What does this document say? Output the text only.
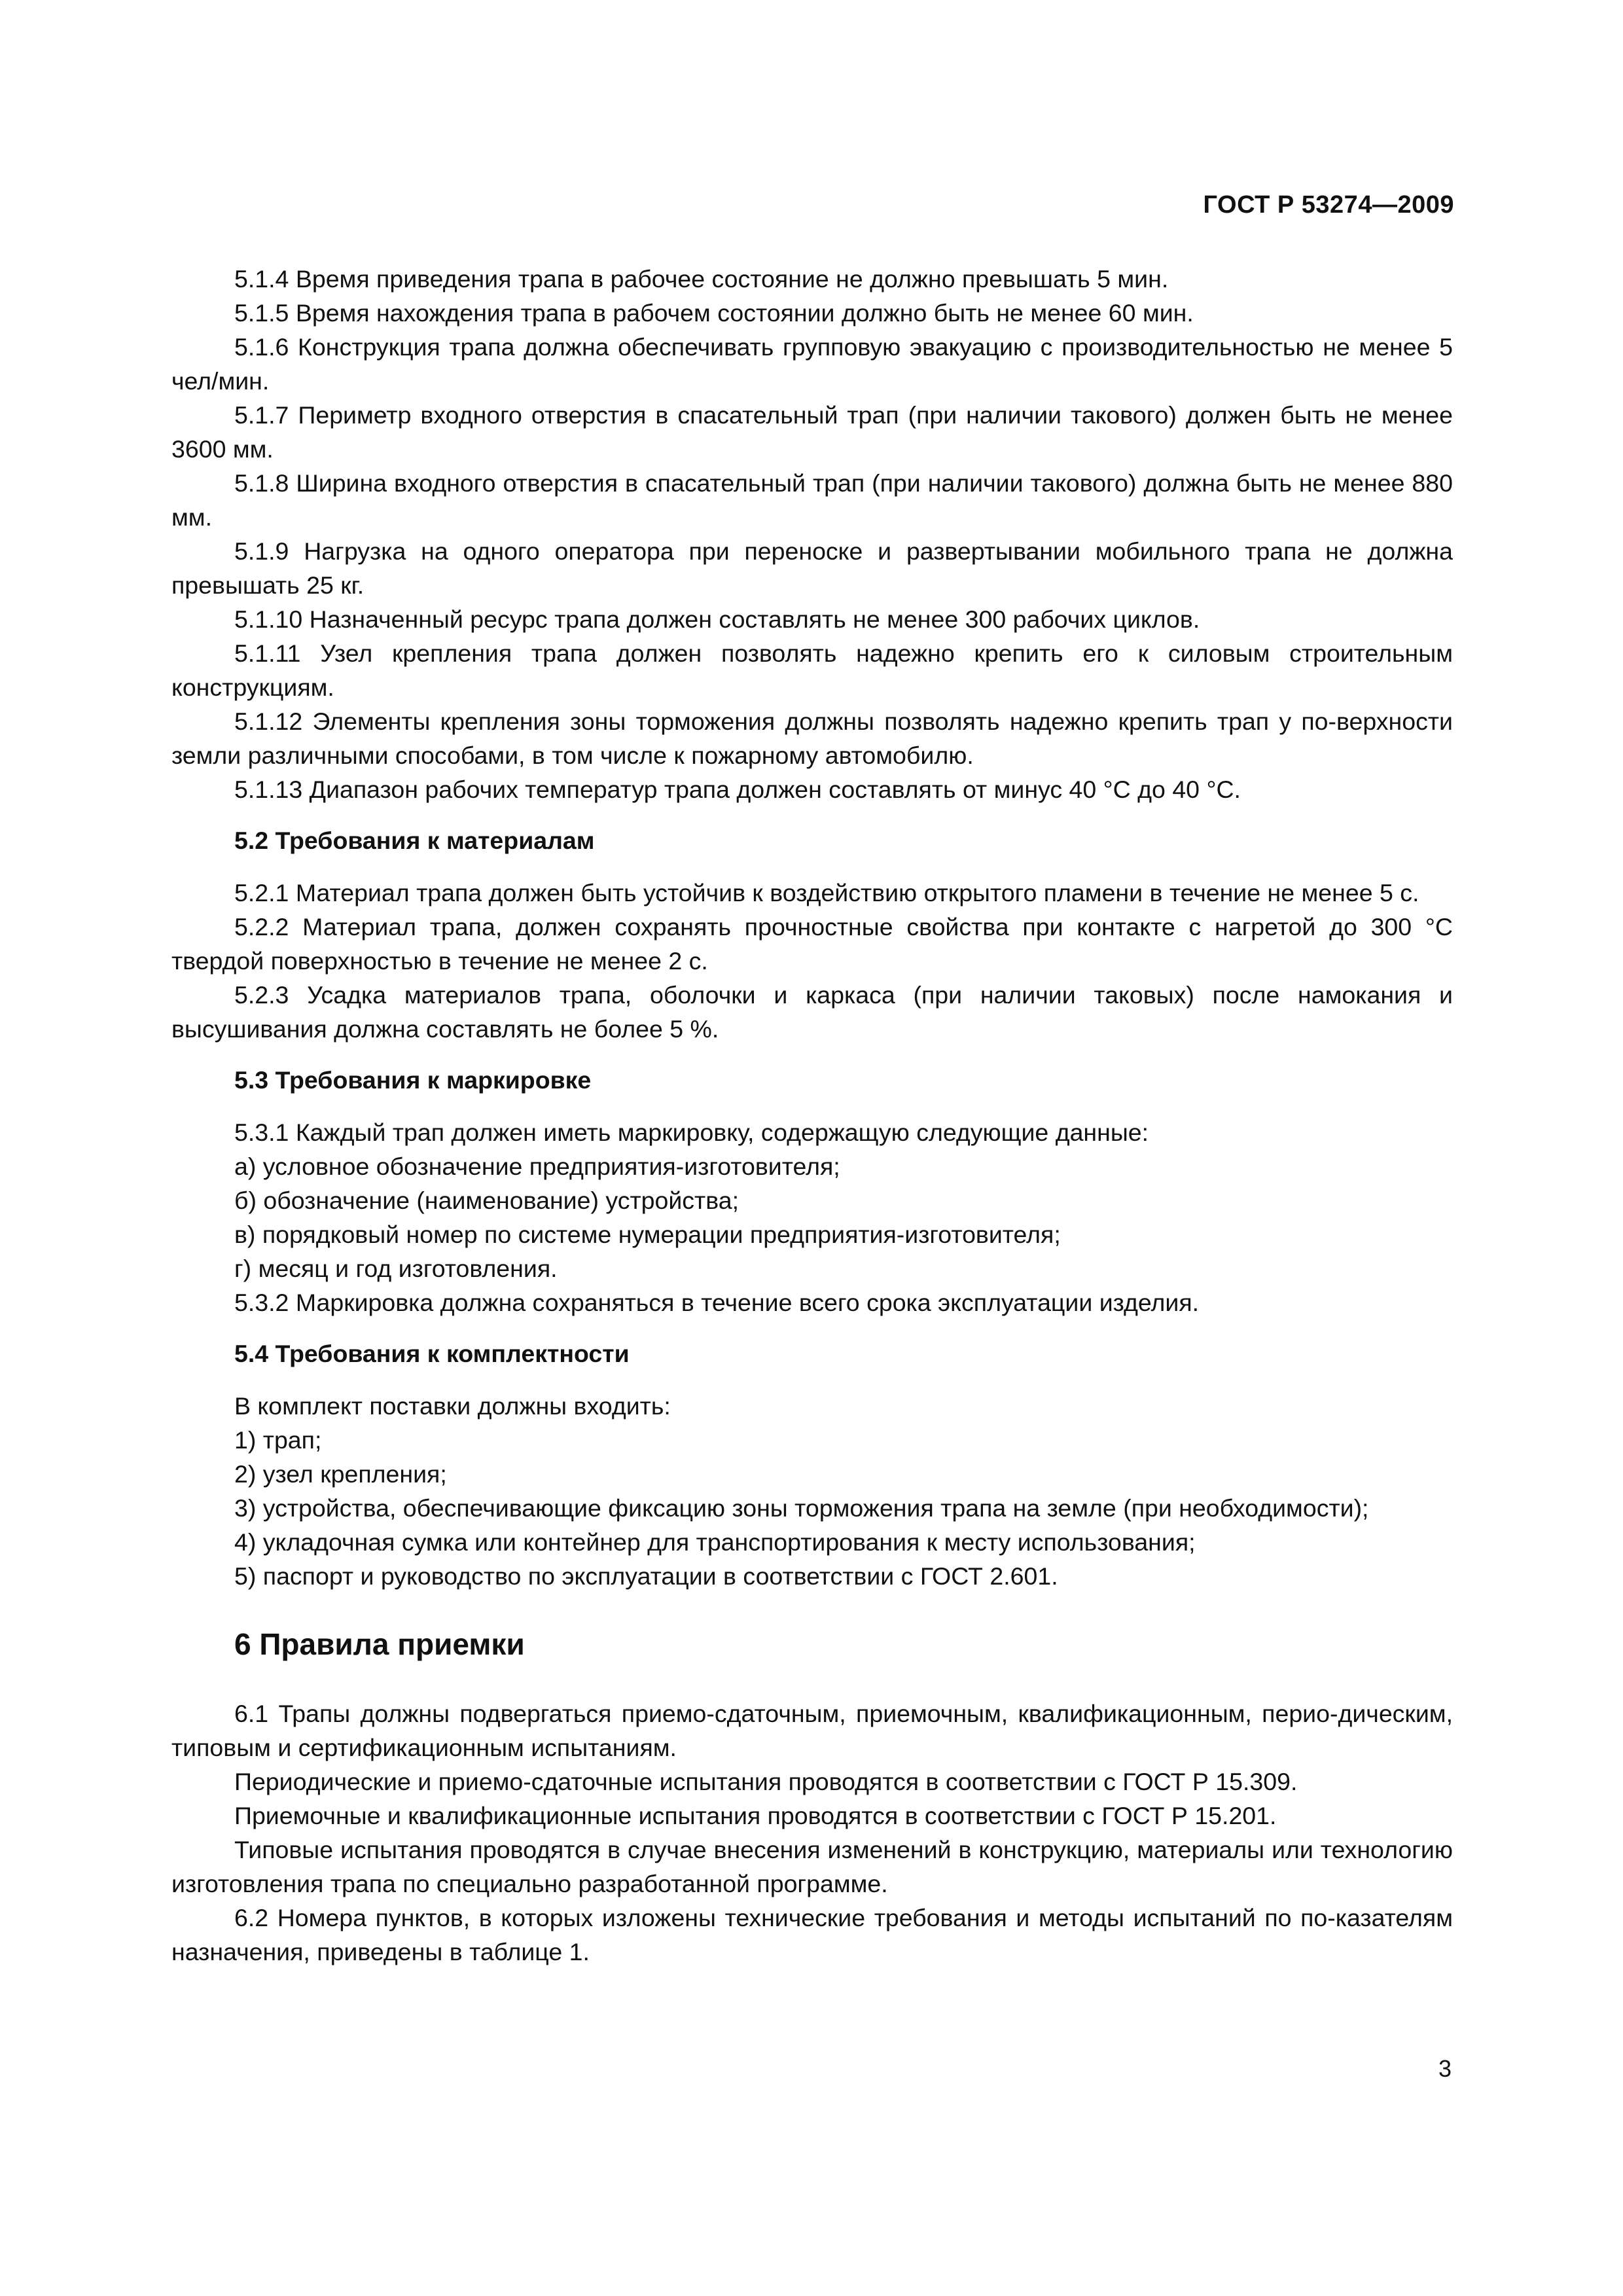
ГОСТ Р 53274—2009

5.1.4 Время приведения трапа в рабочее состояние не должно превышать 5 мин.

5.1.5 Время нахождения трапа в рабочем состоянии должно быть не менее 60 мин.

5.1.6 Конструкция трапа должна обеспечивать групповую эвакуацию с производительностью не менее 5 чел/мин.

5.1.7 Периметр входного отверстия в спасательный трап (при наличии такового) должен быть не менее 3600 мм.

5.1.8 Ширина входного отверстия в спасательный трап (при наличии такового) должна быть не менее 880 мм.

5.1.9 Нагрузка на одного оператора при переноске и развертывании мобильного трапа не должна превышать 25 кг.

5.1.10 Назначенный ресурс трапа должен составлять не менее 300 рабочих циклов.

5.1.11 Узел крепления трапа должен позволять надежно крепить его к силовым строительным конструкциям.

5.1.12 Элементы крепления зоны торможения должны позволять надежно крепить трап у по-верхности земли различными способами, в том числе к пожарному автомобилю.

5.1.13 Диапазон рабочих температур трапа должен составлять от минус 40 °С до 40 °С.

5.2 Требования к материалам

5.2.1 Материал трапа должен быть устойчив к воздействию открытого пламени в течение не менее 5 с.

5.2.2 Материал трапа, должен сохранять прочностные свойства при контакте с нагретой до 300 °С твердой поверхностью в течение не менее 2 с.

5.2.3 Усадка материалов трапа, оболочки и каркаса (при наличии таковых) после намокания и высушивания должна составлять не более 5 %.

5.3 Требования к маркировке

5.3.1 Каждый трап должен иметь маркировку, содержащую следующие данные:

а) условное обозначение предприятия-изготовителя;

б) обозначение (наименование) устройства;

в) порядковый номер по системе нумерации предприятия-изготовителя;

г) месяц и год изготовления.

5.3.2 Маркировка должна сохраняться в течение всего срока эксплуатации изделия.

5.4 Требования к комплектности

В комплект поставки должны входить:

1) трап;

2) узел крепления;

3) устройства, обеспечивающие фиксацию зоны торможения трапа на земле (при необходимости);

4) укладочная сумка или контейнер для транспортирования к месту использования;

5) паспорт и руководство по эксплуатации в соответствии с ГОСТ 2.601.

6 Правила приемки

6.1 Трапы должны подвергаться приемо-сдаточным, приемочным, квалификационным, перио-дическим, типовым и сертификационным испытаниям.

Периодические и приемо-сдаточные испытания проводятся в соответствии с ГОСТ Р 15.309.

Приемочные и квалификационные испытания проводятся в соответствии с ГОСТ Р 15.201.

Типовые испытания проводятся в случае внесения изменений в конструкцию, материалы или технологию изготовления трапа по специально разработанной программе.

6.2 Номера пунктов, в которых изложены технические требования и методы испытаний по по-казателям назначения, приведены в таблице 1.

3
